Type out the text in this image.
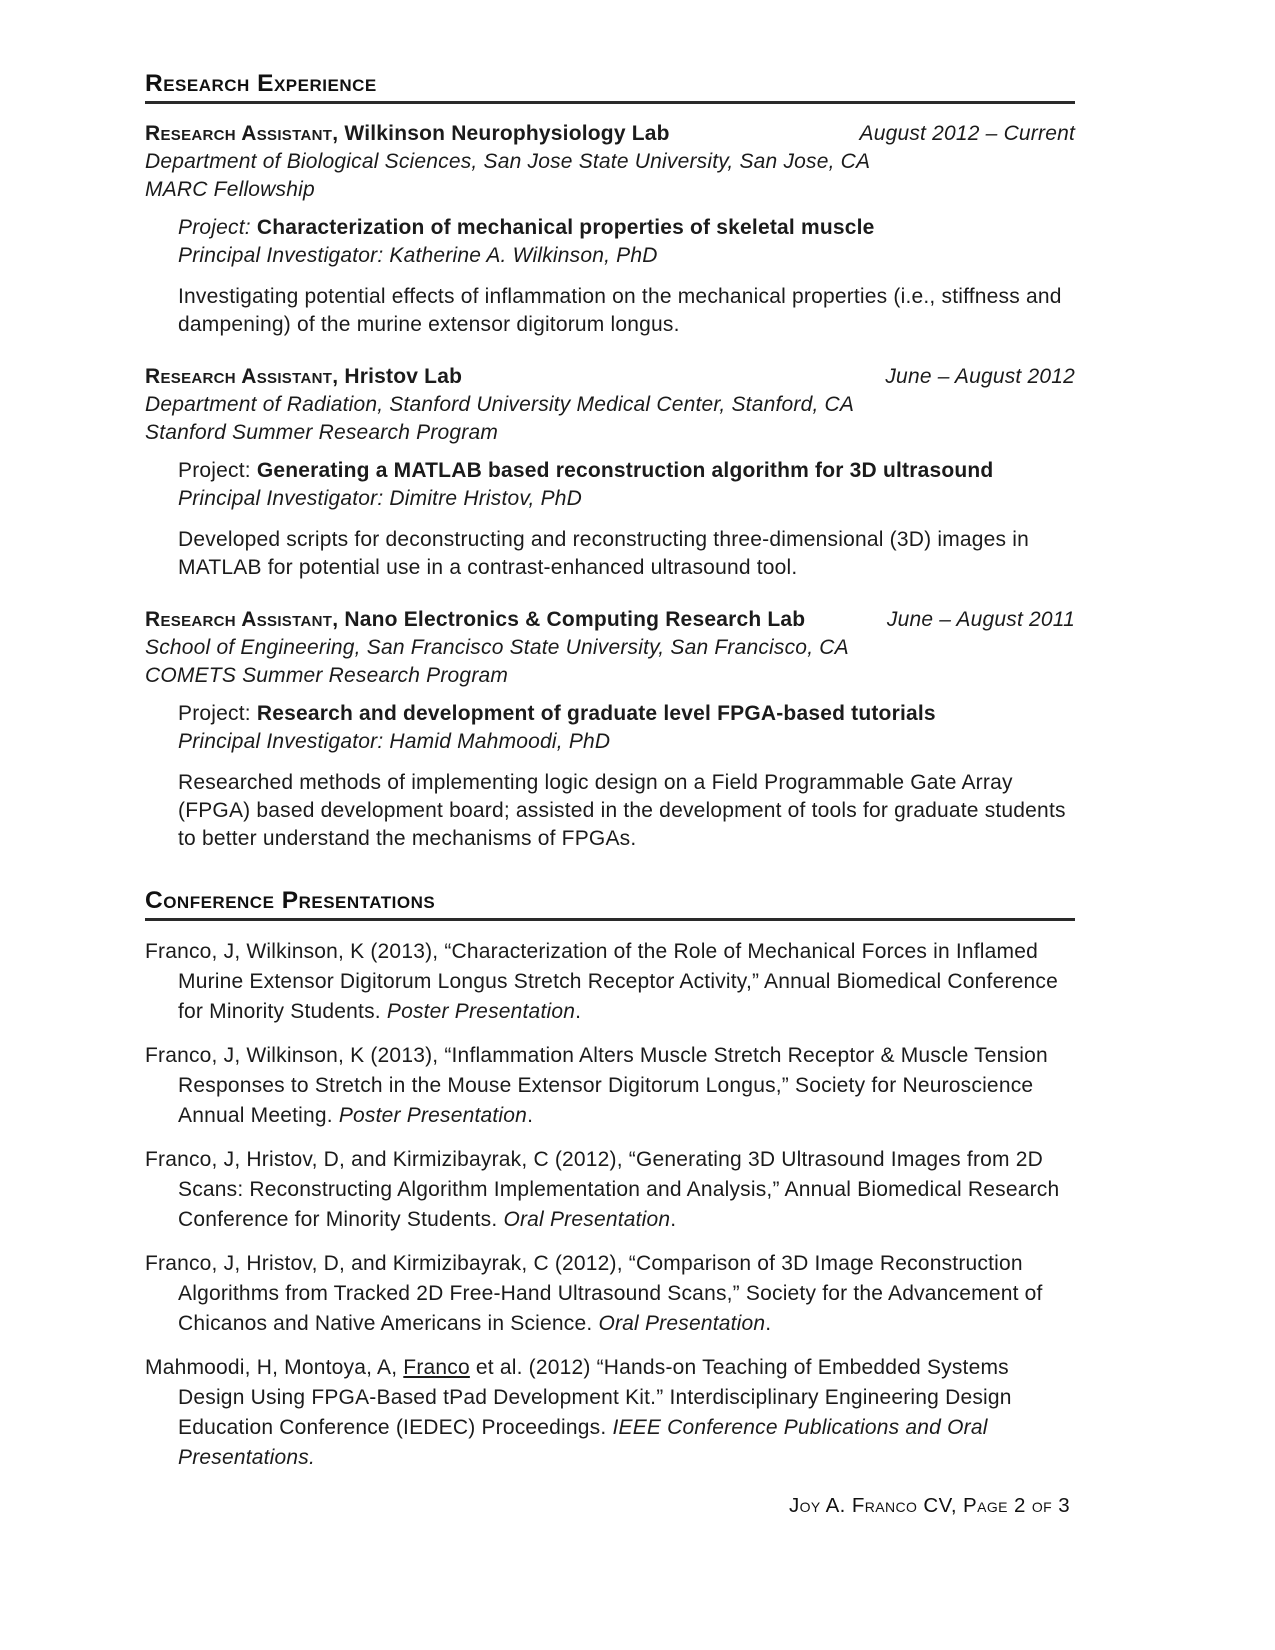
Research Experience
Research Assistant, Wilkinson Neurophysiology Lab	August 2012 – Current
Department of Biological Sciences, San Jose State University, San Jose, CA
MARC Fellowship
Project: Characterization of mechanical properties of skeletal muscle
Principal Investigator: Katherine A. Wilkinson, PhD

Investigating potential effects of inflammation on the mechanical properties (i.e., stiffness and dampening) of the murine extensor digitorum longus.

Research Assistant, Hristov Lab	June – August 2012
Department of Radiation, Stanford University Medical Center, Stanford, CA
Stanford Summer Research Program
Project: Generating a MATLAB based reconstruction algorithm for 3D ultrasound
Principal Investigator: Dimitre Hristov, PhD

Developed scripts for deconstructing and reconstructing three-dimensional (3D) images in MATLAB for potential use in a contrast-enhanced ultrasound tool.

Research Assistant, Nano Electronics & Computing Research Lab	June – August 2011
School of Engineering, San Francisco State University, San Francisco, CA
COMETS Summer Research Program
Project: Research and development of graduate level FPGA-based tutorials
Principal Investigator: Hamid Mahmoodi, PhD

Researched methods of implementing logic design on a Field Programmable Gate Array (FPGA) based development board; assisted in the development of tools for graduate students to better understand the mechanisms of FPGAs.

Conference Presentations

Franco, J, Wilkinson, K (2013), “Characterization of the Role of Mechanical Forces in Inflamed Murine Extensor Digitorum Longus Stretch Receptor Activity,” Annual Biomedical Conference for Minority Students. Poster Presentation.

Franco, J, Wilkinson, K (2013), “Inflammation Alters Muscle Stretch Receptor & Muscle Tension Responses to Stretch in the Mouse Extensor Digitorum Longus,” Society for Neuroscience Annual Meeting. Poster Presentation.

Franco, J, Hristov, D, and Kirmizibayrak, C (2012), “Generating 3D Ultrasound Images from 2D Scans: Reconstructing Algorithm Implementation and Analysis,” Annual Biomedical Research Conference for Minority Students. Oral Presentation.

Franco, J, Hristov, D, and Kirmizibayrak, C (2012), “Comparison of 3D Image Reconstruction Algorithms from Tracked 2D Free-Hand Ultrasound Scans,” Society for the Advancement of Chicanos and Native Americans in Science. Oral Presentation.

Mahmoodi, H, Montoya, A, Franco et al. (2012) “Hands-on Teaching of Embedded Systems Design Using FPGA-Based tPad Development Kit.” Interdisciplinary Engineering Design Education Conference (IEDEC) Proceedings. IEEE Conference Publications and Oral Presentations.

Joy A. Franco CV, Page 2 of 3
